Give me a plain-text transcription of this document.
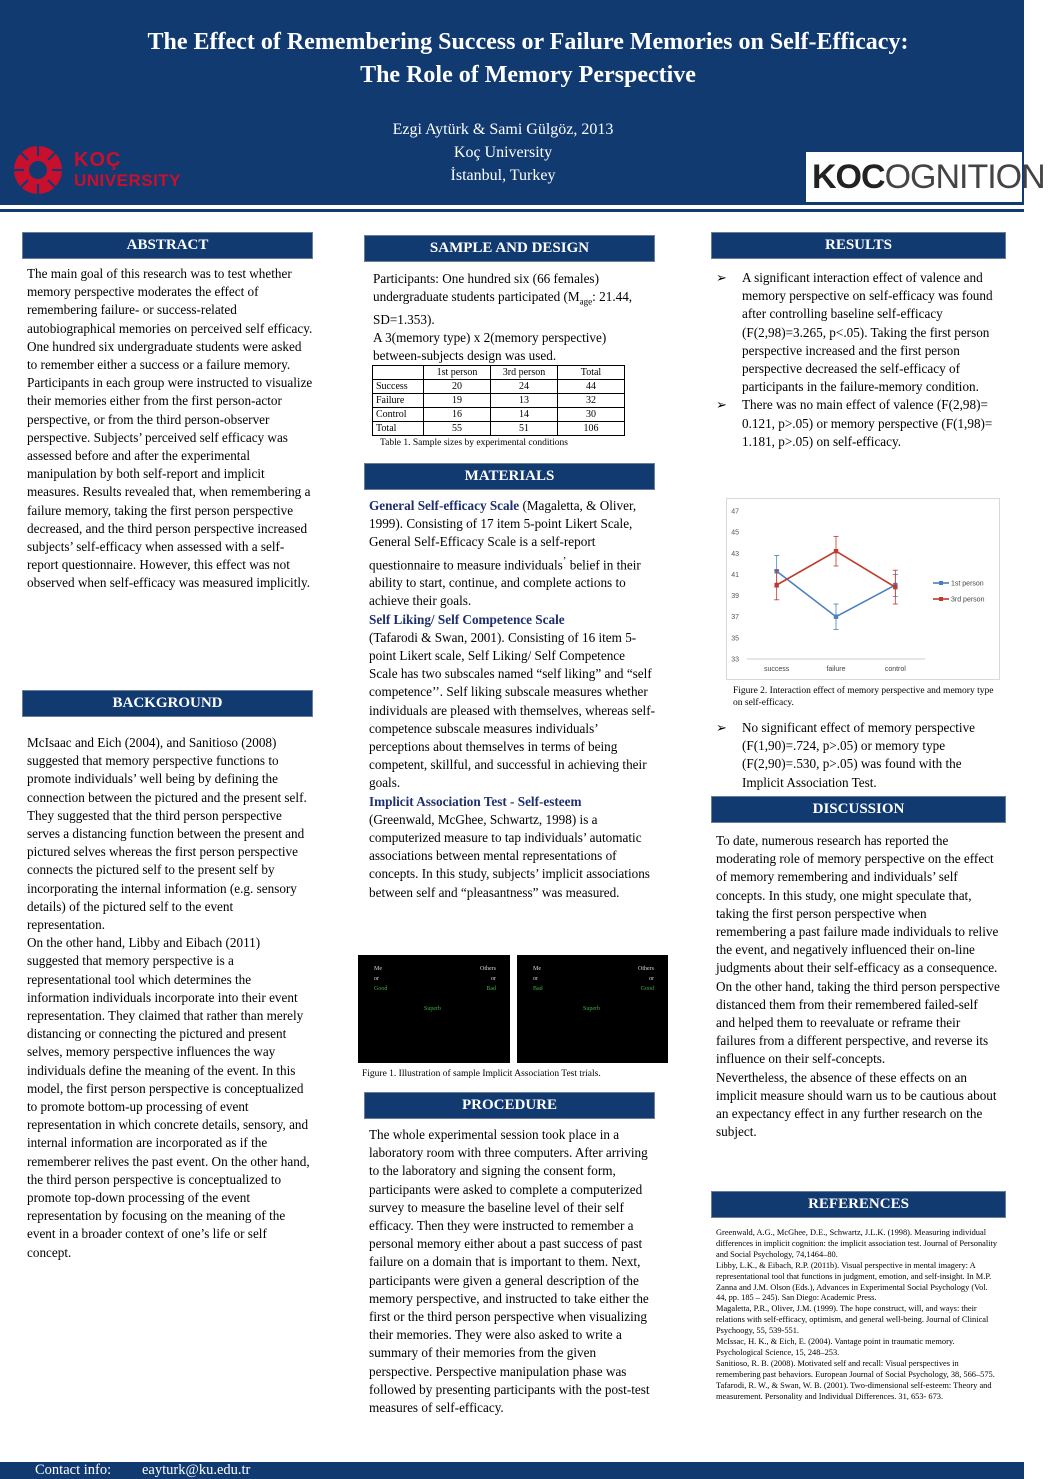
The Effect of Remembering Success or Failure Memories on Self-Efficacy:
The Role of Memory Perspective
Ezgi Aytürk & Sami Gülgöz, 2013
Koç University
İstanbul, Turkey
KOÇ
UNIVERSITY	KOCOGNITION
ABSTRACT

The main goal of this research was to test whether memory perspective moderates the effect of remembering failure- or success-related autobiographical memories on perceived self efficacy. One hundred six undergraduate students were asked to remember either a success or a failure memory. Participants in each group were instructed to visualize their memories either from the first person-actor perspective, or from the third person-observer perspective. Subjects’ perceived self efficacy was assessed before and after the experimental manipulation by both self-report and implicit measures. Results revealed that, when remembering a failure memory, taking the first person perspective decreased, and the third person perspective increased subjects’ self-efficacy when assessed with a self-report questionnaire. However, this effect was not observed when self-efficacy was measured implicitly.

BACKGROUND

McIsaac and Eich (2004), and Sanitioso (2008) suggested that memory perspective functions to promote individuals’ well being by defining the connection between the pictured and the present self. They suggested that the third person perspective serves a distancing function between the present and pictured selves whereas the first person perspective connects the pictured self to the present self by incorporating the internal information (e.g. sensory details) of the pictured self to the event representation.

On the other hand, Libby and Eibach (2011) suggested that memory perspective is a representational tool which determines the information individuals incorporate into their event representation. They claimed that rather than merely distancing or connecting the pictured and present selves, memory perspective influences the way individuals define the meaning of the event. In this model, the first person perspective is conceptualized to promote bottom-up processing of event representation in which concrete details, sensory, and internal information are incorporated as if the rememberer relives the past event. On the other hand, the third person perspective is conceptualized to promote top-down processing of the event representation by focusing on the meaning of the event in a broader context of one’s life or self concept.

SAMPLE AND DESIGN

Participants: One hundred six (66 females) undergraduate students participated ($M_{age}$: 21.44, SD=1.353).

A 3(memory type) x 2(memory perspective) between-subjects design was used.

	1st person	3rd person	Total
Success	20	24	44
Failure	19	13	32
Control	16	14	30
Total	55	51	106
Table 1. Sample sizes by experimental conditions
MATERIALS

General Self-efficacy Scale (Magaletta, & Oliver, 1999). Consisting of 17 item 5-point Likert Scale, General Self-Efficacy Scale is a self-report questionnaire to measure individuals’ belief in their ability to start, continue, and complete actions to achieve their goals.

Self Liking/ Self Competence Scale

(Tafarodi & Swan, 2001). Consisting of 16 item 5-point Likert scale, Self Liking/ Self Competence Scale has two subscales named “self liking” and “self competence’’. Self liking subscale measures whether individuals are pleased with themselves, whereas self-competence subscale measures individuals’ perceptions about themselves in terms of being competent, skillful, and successful in achieving their goals.

Implicit Association Test - Self-esteem

(Greenwald, McGhee, Schwartz, 1998) is a computerized measure to tap individuals’ automatic associations between mental representations of concepts. In this study, subjects’ implicit associations between self and “pleasantness” was measured.

Me
or
Good
Others
or
Bad
Superb
Me
or
Bad
Others
or
Good
Superb
Figure 1. Illustration of sample Implicit Association Test trials.
PROCEDURE

The whole experimental session took place in a laboratory room with three computers. After arriving to the laboratory and signing the consent form, participants were asked to complete a computerized survey to measure the baseline level of their self efficacy. Then they were instructed to remember a personal memory either about a past success of past failure on a domain that is important to them. Next, participants were given a general description of the memory perspective, and instructed to take either the first or the third person perspective when visualizing their memories. They were also asked to write a summary of their memories from the given perspective. Perspective manipulation phase was followed by presenting participants with the post-test measures of self-efficacy.

RESULTS
➢ A significant interaction effect of valence and memory perspective on self-efficacy was found after controlling baseline self-efficacy (F(2,98)=3.265, p<.05). Taking the first person perspective increased and the first person perspective decreased the self-efficacy of participants in the failure-memory condition.
➢ There was no main effect of valence (F(2,98)= 0.121, p>.05) or memory perspective (F(1,98)= 1.181, p>.05) on self-efficacy.
47
45
43
41
39
37
35
33
success	failure	control
1st person
3rd person
Figure 2. Interaction effect of memory perspective and memory type on self-efficacy.
➢ No significant effect of memory perspective (F(1,90)=.724, p>.05) or memory type (F(2,90)=.530, p>.05) was found with the Implicit Association Test.
DISCUSSION

To date, numerous research has reported the moderating role of memory perspective on the effect of memory remembering and individuals’ self concepts. In this study, one might speculate that, taking the first person perspective when remembering a past failure made individuals to relive the event, and negatively influenced their on-line judgments about their self-efficacy as a consequence.

On the other hand, taking the third person perspective distanced them from their remembered failed-self and helped them to reevaluate or reframe their failures from a different perspective, and reverse its influence on their self-concepts.

Nevertheless, the absence of these effects on an implicit measure should warn us to be cautious about an expectancy effect in any further research on the subject.

REFERENCES

Greenwald, A.G., McGhee, D.E., Schwartz, J.L.K. (1998). Measuring individual differences in implicit cognition: the implicit association test. Journal of Personality and Social Psychology, 74,1464–80.

Libby, L.K., & Eibach, R.P. (2011b). Visual perspective in mental imagery: A representational tool that functions in judgment, emotion, and self-insight. In M.P. Zanna and J.M. Olson (Eds.), Advances in Experimental Social Psychology (Vol. 44, pp. 185 – 245). San Diego: Academic Press.

Magaletta, P.R., Oliver, J.M. (1999). The hope construct, will, and ways: their relations with self-efficacy, optimism, and general well-being. Journal of Clinical Psychoogy, 55, 539-551.

McIssac, H. K., & Eich, E. (2004). Vantage point in traumatic memory. Psychological Science, 15, 248–253.

Sanitioso, R. B. (2008). Motivated self and recall: Visual perspectives in remembering past behaviors. European Journal of Social Psychology, 38, 566–575.

Tafarodi, R. W., & Swan, W. B. (2001). Two-dimensional self-esteem: Theory and measurement. Personality and Individual Differences. 31, 653- 673.

Contact info: eayturk@ku.edu.tr
